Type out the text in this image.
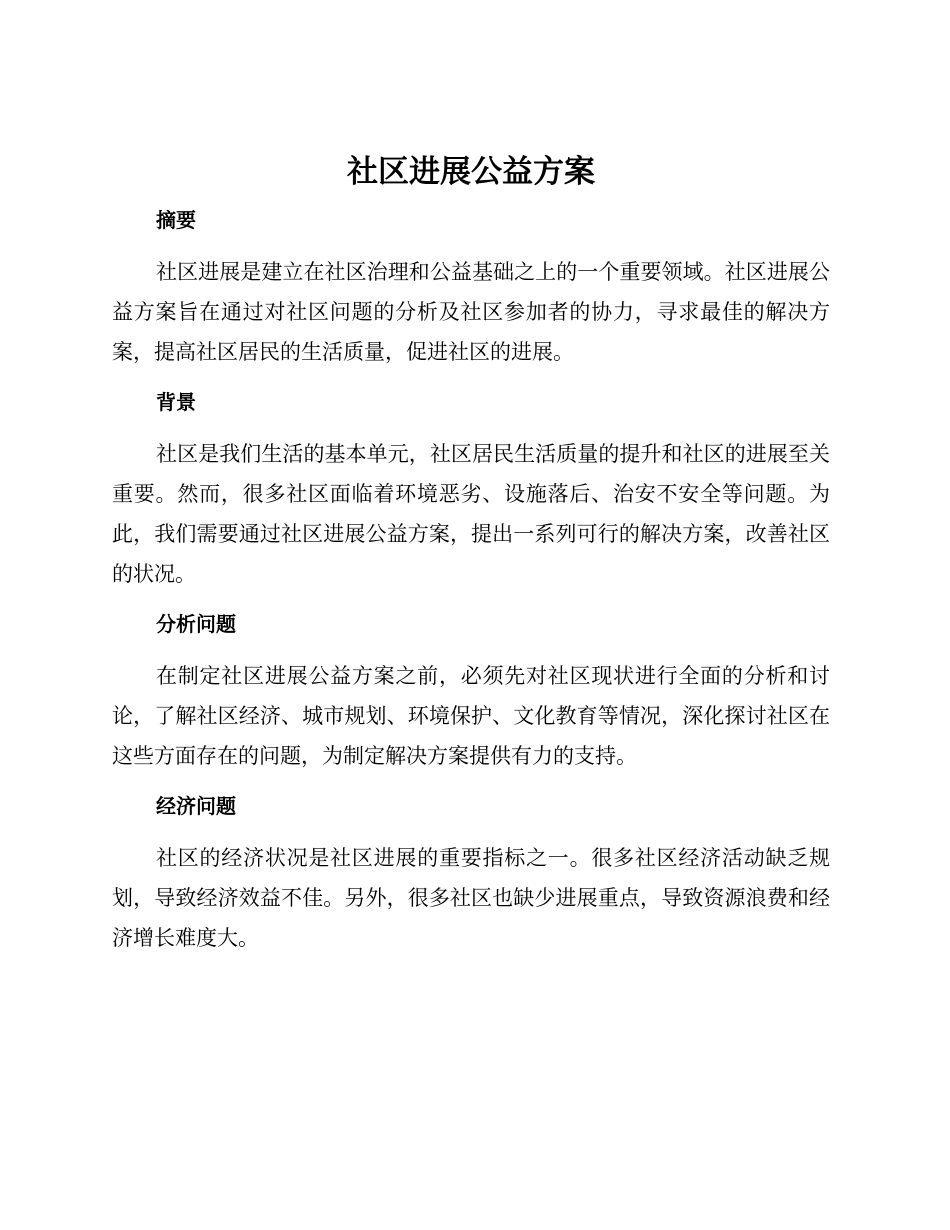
社区进展公益方案
摘要

社区进展是建立在社区治理和公益基础之上的一个重要领域。社区进展公益方案旨在通过对社区问题的分析及社区参加者的协力，寻求最佳的解决方案，提高社区居民的生活质量，促进社区的进展。

背景

社区是我们生活的基本单元，社区居民生活质量的提升和社区的进展至关重要。然而，很多社区面临着环境恶劣、设施落后、治安不安全等问题。为此，我们需要通过社区进展公益方案，提出一系列可行的解决方案，改善社区的状况。

分析问题

在制定社区进展公益方案之前，必须先对社区现状进行全面的分析和讨论，了解社区经济、城市规划、环境保护、文化教育等情况，深化探讨社区在这些方面存在的问题，为制定解决方案提供有力的支持。

经济问题

社区的经济状况是社区进展的重要指标之一。很多社区经济活动缺乏规划，导致经济效益不佳。另外，很多社区也缺少进展重点，导致资源浪费和经济增长难度大。
